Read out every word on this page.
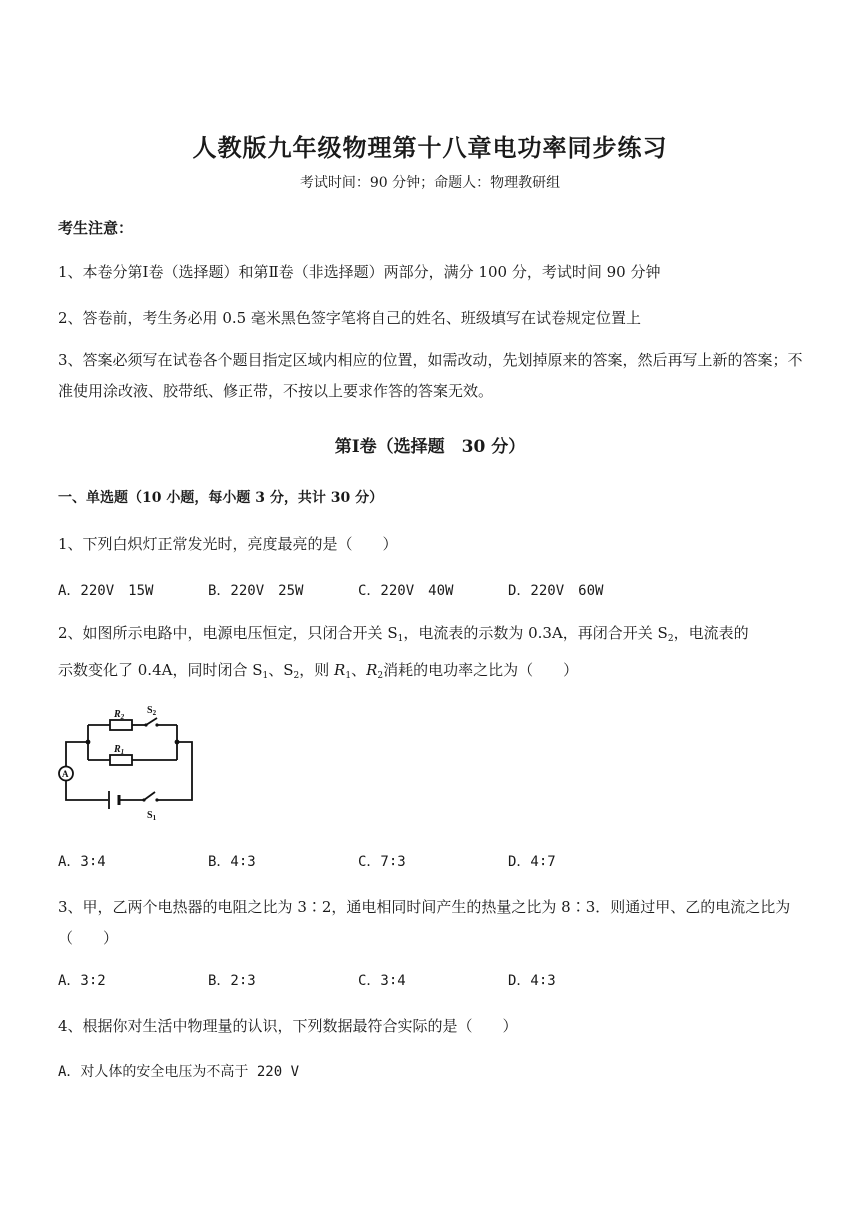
人教版九年级物理第十八章电功率同步练习
考试时间：90 分钟；命题人：物理教研组
考生注意：
1、本卷分第Ⅰ卷（选择题）和第Ⅱ卷（非选择题）两部分，满分 100 分，考试时间 90 分钟
2、答卷前，考生务必用 0.5 毫米黑色签字笔将自己的姓名、班级填写在试卷规定位置上
3、答案必须写在试卷各个题目指定区域内相应的位置，如需改动，先划掉原来的答案，然后再写上新的答案；不准使用涂改液、胶带纸、修正带，不按以上要求作答的答案无效。
第Ⅰ卷（选择题　30 分）
一、单选题（10 小题，每小题 3 分，共计 30 分）
1、下列白炽灯正常发光时，亮度最亮的是（　　）
A．220V　15W	B．220V　25W	C．220V　40W	D．220V　60W
2、如图所示电路中，电源电压恒定，只闭合开关 $S_1$，电流表的示数为 0.3A，再闭合开关 $S_2$，电流表的
示数变化了 0.4A，同时闭合 $S_1$、$S_2$，则 $R_1$、$R_2$消耗的电功率之比为（　　）
$R_2$
$S_2$
$R_1$
A
$S_1$
A．3∶4	B．4∶3	C．7∶3	D．4∶7
3、甲，乙两个电热器的电阻之比为 3∶2，通电相同时间产生的热量之比为 8∶3．则通过甲、乙的电流之比为（　　）
A．3∶2	B．2∶3	C．3∶4	D．4∶3
4、根据你对生活中物理量的认识，下列数据最符合实际的是（　　）
A．对人体的安全电压为不高于 220 V
